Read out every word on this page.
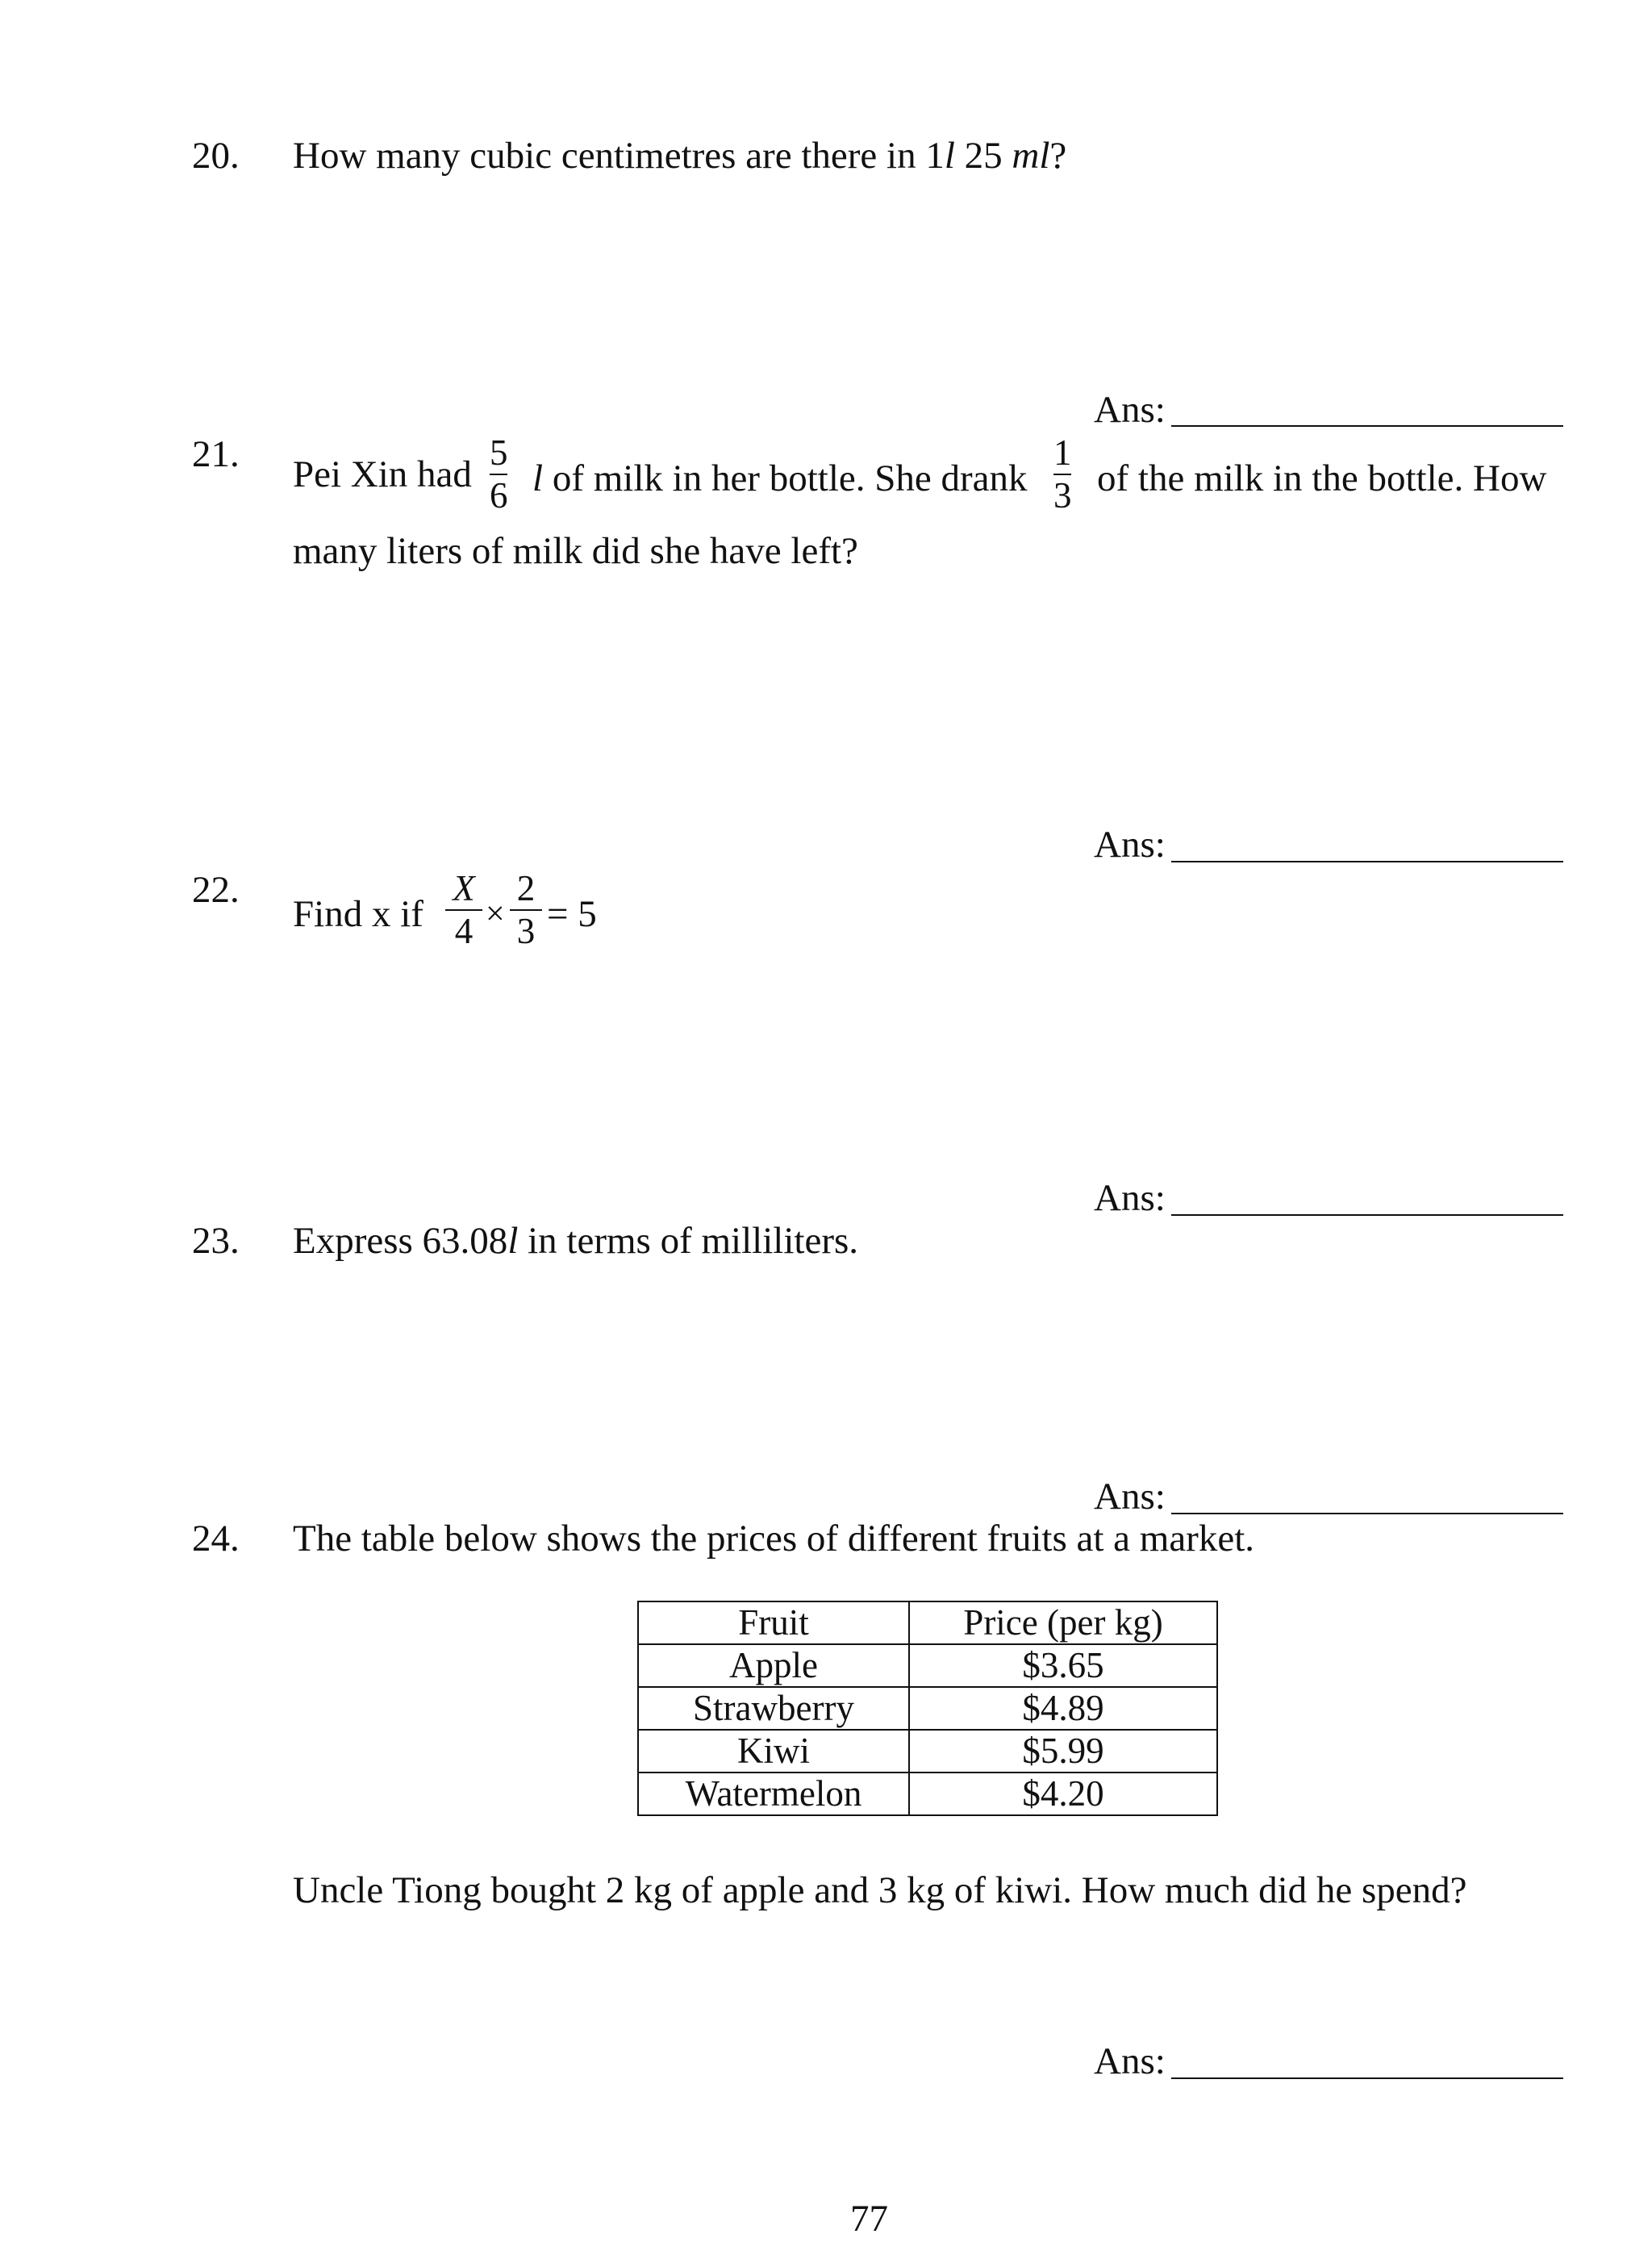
20. How many cubic centimetres are there in 1l 25 ml?
Ans:
21. Pei Xin had $\frac{5}{6}$ l of milk in her bottle. She drank $\frac{1}{3}$ of the milk in the bottle. How
many liters of milk did she have left?
Ans:
22.
Find x if $\frac{X}{4} \times \frac{2}{3} = 5$
Ans:
23. Express 63.08l in terms of milliliters.
Ans:
24. The table below shows the prices of different fruits at a market.
Fruit	Price (per kg)
Apple	$3.65
Strawberry	$4.89
Kiwi	$5.99
Watermelon	$4.20
Uncle Tiong bought 2 kg of apple and 3 kg of kiwi. How much did he spend?
Ans:
77
